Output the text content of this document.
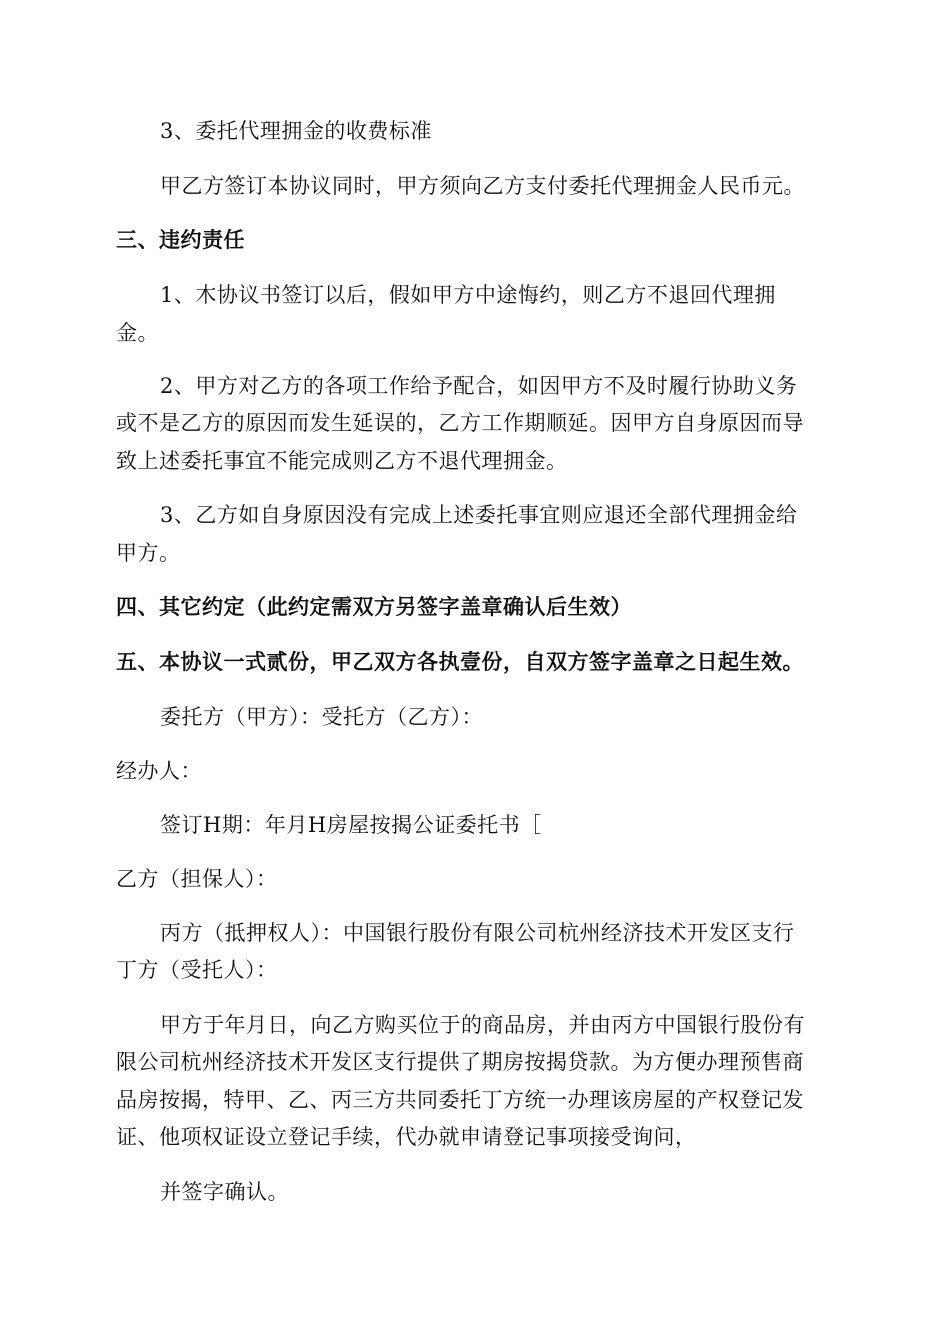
3、委托代理拥金的收费标准
甲乙方签订本协议同时，甲方须向乙方支付委托代理拥金人民币元。
三、违约责任
1、木协议书签订以后，假如甲方中途悔约，则乙方不退回代理拥
金。
2、甲方对乙方的各项工作给予配合，如因甲方不及时履行协助义务
或不是乙方的原因而发生延误的，乙方工作期顺延。因甲方自身原因而导
致上述委托事宜不能完成则乙方不退代理拥金。
3、乙方如自身原因没有完成上述委托事宜则应退还全部代理拥金给
甲方。
四、其它约定（此约定需双方另签字盖章确认后生效）
五、本协议一式贰份，甲乙双方各执壹份，自双方签字盖章之日起生效。
委托方（甲方）：受托方（乙方）：
经办人：
签订H期：年月H房屋按揭公证委托书［
乙方（担保人）：
丙方（抵押权人）：中国银行股份有限公司杭州经济技术开发区支行
丁方（受托人）：
甲方于年月日，向乙方购买位于的商品房，并由丙方中国银行股份有
限公司杭州经济技术开发区支行提供了期房按揭贷款。为方便办理预售商
品房按揭，特甲、乙、丙三方共同委托丁方统一办理该房屋的产权登记发
证、他项权证设立登记手续，代办就申请登记事项接受询问，
并签字确认。
